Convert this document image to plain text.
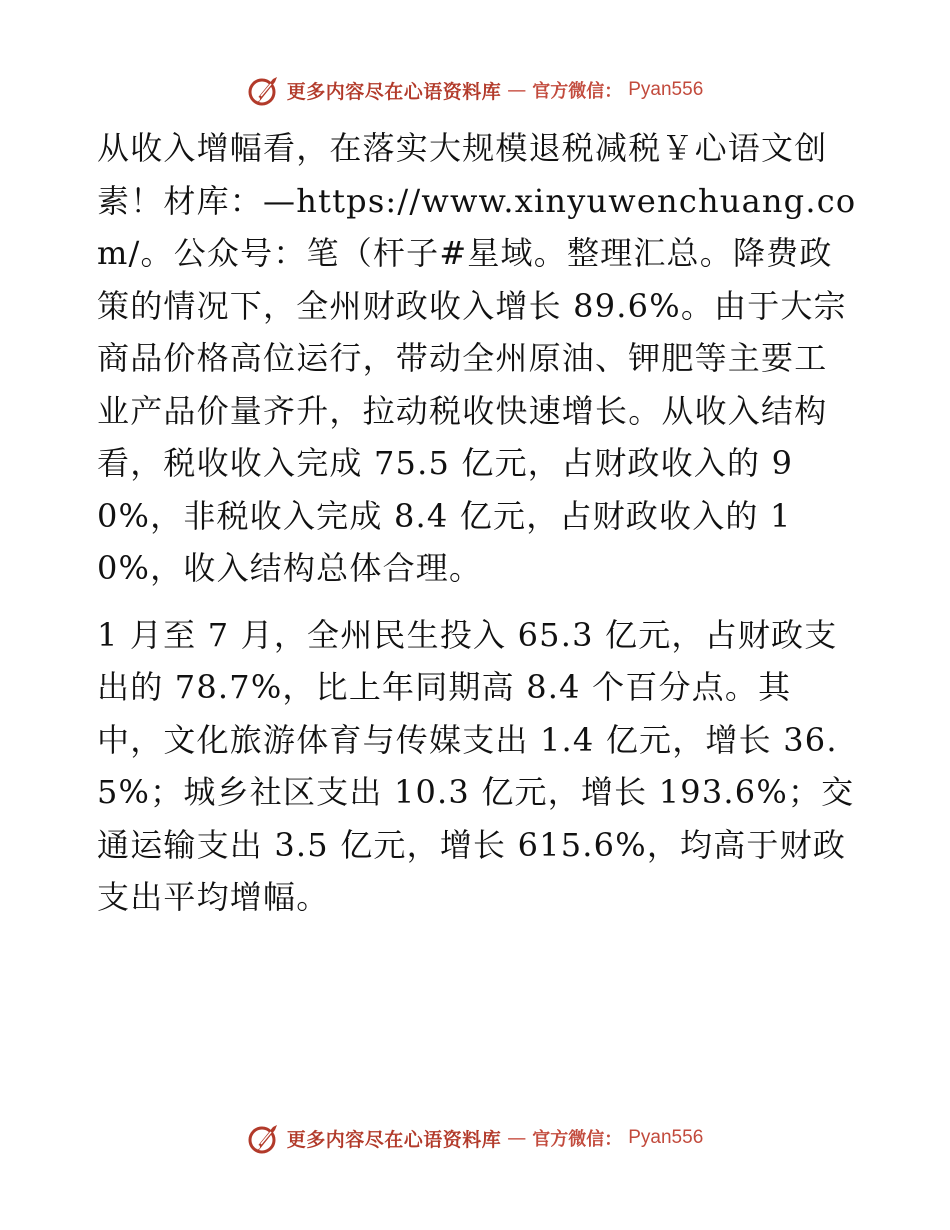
更多内容尽在心语资料库 — 官方微信： Pyan556

从收入增幅看，在落实大规模退税减税￥心语文创素！材库：—https://www.xinyuwenchuang.com/。公众号：笔（杆子#星域。整理汇总。降费政策的情况下，全州财政收入增长 89.6%。由于大宗商品价格高位运行，带动全州原油、钾肥等主要工业产品价量齐升，拉动税收快速增长。从收入结构看，税收收入完成 75.5 亿元，占财政收入的 90%，非税收入完成 8.4 亿元，占财政收入的 10%，收入结构总体合理。

1 月至 7 月，全州民生投入 65.3 亿元，占财政支出的 78.7%，比上年同期高 8.4 个百分点。其中，文化旅游体育与传媒支出 1.4 亿元，增长 36.5%；城乡社区支出 10.3 亿元，增长 193.6%；交通运输支出 3.5 亿元，增长 615.6%，均高于财政支出平均增幅。

更多内容尽在心语资料库 — 官方微信： Pyan556
